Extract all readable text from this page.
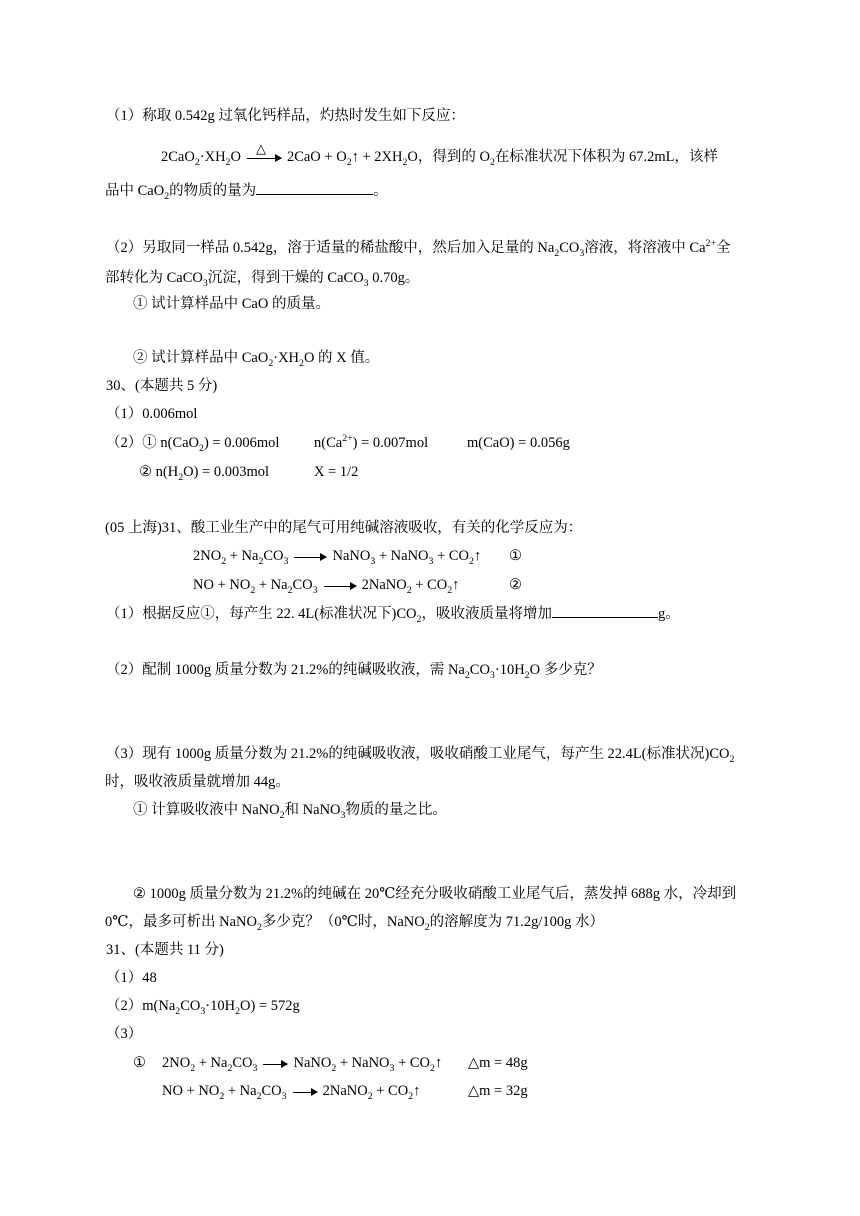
（1）称取 0.542g 过氧化钙样品，灼热时发生如下反应：
$2CaO_2\cdot XH_2O$ △ $2CaO + O_2↑ + 2XH_2O$，得到的 $O_2$在标准状况下体积为 67.2mL，该样
品中 CaO$_2$的物质的量为	。
（2）另取同一样品 0.542g，溶于适量的稀盐酸中，然后加入足量的 $Na_2CO_3$溶液，将溶液中 $Ca^{2+}$全
部转化为 CaCO$_3$沉淀，得到干燥的 CaCO$_3$ 0.70g。
① 试计算样品中 CaO 的质量。
② 试计算样品中 $CaO_2\cdot XH_2O$ 的 X 值。
30、(本题共 5 分)
（1）0.006mol
（2）① n(CaO$_2$) = 0.006mol $n(Ca^{2+}) = 0.007mol$	m(CaO) = 0.056g
② $n(H_2O) = 0.003mol$	X = 1/2
(05 上海)31、酸工业生产中的尾气可用纯碱溶液吸收，有关的化学反应为：
$2NO_2 + Na_2CO_3$	NaNO$_3$ + NaNO$_3$ + $CO_2↑$ ①
NO + $NO_2 + Na_2CO_3$	2NaNO$_2$ + $CO_2↑$	②
（1）根据反应①，每产生 22. 4L(标准状况下)$CO_2$，吸收液质量将增加	g。
（2）配制 1000g 质量分数为 21.2%的纯碱吸收液，需 $Na_2CO_3\cdot 10H_2O$ 多少克？
（3）现有 1000g 质量分数为 21.2%的纯碱吸收液，吸收硝酸工业尾气，每产生 22.4L(标准状况)$CO_2$
时，吸收液质量就增加 44g。
① 计算吸收液中 NaNO$_2$和 NaNO$_3$物质的量之比。
② 1000g 质量分数为 21.2%的纯碱在 20℃经充分吸收硝酸工业尾气后，蒸发掉 688g 水，冷却到
0℃，最多可析出 NaNO$_2$多少克？（0℃时，NaNO$_2$的溶解度为 71.2g/100g 水）
31、(本题共 11 分)
（1）48
$(2)m(Na_2CO_3\cdot 10H_2O) = 572g$
（3）
① $2NO_2 + Na_2CO_3$ NaNO$_2$ + NaNO$_3$ + $CO_2↑$ △m = 48g
NO + $NO_2 + Na_2CO_3$ 2NaNO$_2$ + $CO_2↑$	△m = 32g
